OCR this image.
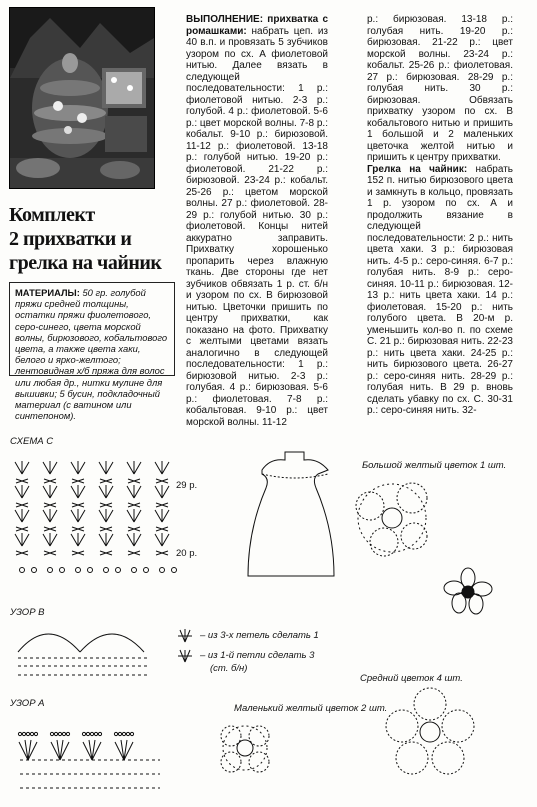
Комплект
2 прихватки и
грелка на чайник
МАТЕРИАЛЫ: 50 гр. голубой пряжи средней толщины, остатки пряжи фиолетового, серо-синего, цвета морской волны, бирюзового, кобальтового цвета, а также цвета хаки, белого и ярко-желтого; лентовидная х/б пряжа для волос или любая др., нитки мулине для вышивки; 5 бусин, подкладочный материал (с ватином или синтепоном).

ВЫПОЛНЕНИЕ: прихватка с ромашками: набрать цеп. из 40 в.п. и провязать 5 зубчиков узором по сх. А фиолетовой нитью. Далее вязать в следующей последовательности: 1 р.: фиолетовой нитью. 2-3 р.: голубой. 4 р.: фиолетовой. 5-6 р.: цвет морской волны. 7-8 р.: кобальт. 9-10 р.: бирюзовой. 11-12 р.: фиолетовой. 13-18 р.: голубой нитью. 19-20 р.: фиолетовой. 21-22 р.: бирюзовой. 23-24 р.: кобальт. 25-26 р.: цветом морской волны. 27 р.: фиолетовой. 28-29 р.: голубой нитью. 30 р.: фиолетовой. Концы нитей аккуратно заправить. Прихватку хорошенько пропарить через влажную ткань. Две стороны где нет зубчиков обвязать 1 р. ст. б/н и узором по сх. В бирюзовой нитью. Цветочки пришить по центру прихватки, как показано на фото. Прихватку с желтыми цветами вязать аналогично в следующей последовательности: 1 р.: бирюзовой нитью. 2-3 р.: голубая. 4 р.: бирюзовая. 5-6 р.: фиолетовая. 7-8 р.: кобальтовая. 9-10 р.: цвет морской волны. 11-12

р.: бирюзовая. 13-18 р.: голубая нить. 19-20 р.: бирюзовая. 21-22 р.: цвет морской волны. 23-24 р.: кобальт. 25-26 р.: фиолетовая. 27 р.: бирюзовая. 28-29 р.: голубая нить. 30 р.: бирюзовая. Обвязать прихватку узором по сх. В кобальтового нитью и пришить 1 большой и 2 маленьких цветочка желтой нитью и пришить к центру прихватки.

Грелка на чайник: набрать 152 п. нитью бирюзового цвета и замкнуть в кольцо, провязать 1 р. узором по сх. А и продолжить вязание в следующей последовательности: 2 р.: нить цвета хаки. 3 р.: бирюзовая нить. 4-5 р.: серо-синяя. 6-7 р.: голубая нить. 8-9 р.: серо-синяя. 10-11 р.: бирюзовая. 12-13 р.: нить цвета хаки. 14 р.: фиолетовая. 15-20 р.: нить голубого цвета. В 20-м р. уменьшить кол-во п. по схеме С. 21 р.: бирюзовая нить. 22-23 р.: нить цвета хаки. 24-25 р.: нить бирюзового цвета. 26-27 р.: серо-синяя нить. 28-29 р.: голубая нить. В 29 р. вновь сделать убавку по сх. С. 30-31 р.: серо-синяя нить. 32-

СХЕМА С
29 р.
20 р.
Большой желтый цветок 1 шт.
УЗОР В
– из 3-х петель сделать 1
– из 1-й петли сделать 3
(ст. б/н)
Средний цветок 4 шт.
УЗОР А	Маленький желтый цветок 2 шт.
